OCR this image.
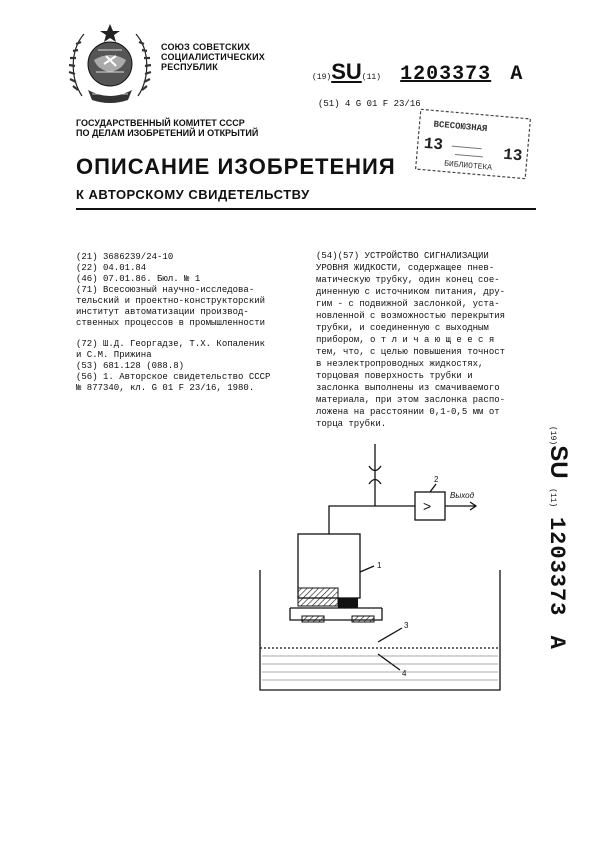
СОЮЗ СОВЕТСКИХ
СОЦИАЛИСТИЧЕСКИХ
РЕСПУБЛИК
(19)SU(11) 1203373 A
(51) 4 G 01 F 23/16
ВСЕСОЮЗНАЯ
13
13
БИБЛИОТЕКА
ГОСУДАРСТВЕННЫЙ КОМИТЕТ СССР
ПО ДЕЛАМ ИЗОБРЕТЕНИЙ И ОТКРЫТИЙ
ОПИСАНИЕ ИЗОБРЕТЕНИЯ
К АВТОРСКОМУ СВИДЕТЕЛЬСТВУ

(21) 3686239/24-10

(22) 04.01.84

(46) 07.01.86. Бюл. № 1

(71) Всесоюзный научно-исследова-

тельский и проектно-конструкторский

институт автоматизации производ-

ственных процессов в промышленности

(72) Ш.Д. Георгадзе, Т.Х. Копаленик

и С.М. Прижина

(53) 681.128 (088.8)

(56) 1. Авторское свидетельство СССР

№ 877340, кл. G 01 F 23/16, 1980.

(54)(57) УСТРОЙСТВО СИГНАЛИЗАЦИИ
УРОВНЯ ЖИДКОСТИ, содержащее пнев-
матическую трубку, один конец сое-
диненную с источником питания, дру-
гим - с подвижной заслонкой, уста-
новленной с возможностью перекрытия
трубки, и соединенную с выходным
прибором, о т л и ч а ю щ е е с я
тем, что, с целью повышения точност
в неэлектропроводных жидкостях,
торцовая поверхность трубки и
заслонка выполнены из смачиваемого
материала, при этом заслонка распо-
ложена на расстоянии 0,1-0,5 мм от
торца трубки.
(19)SU (11) 1203373  A
1
2
3
4
Выход
>
